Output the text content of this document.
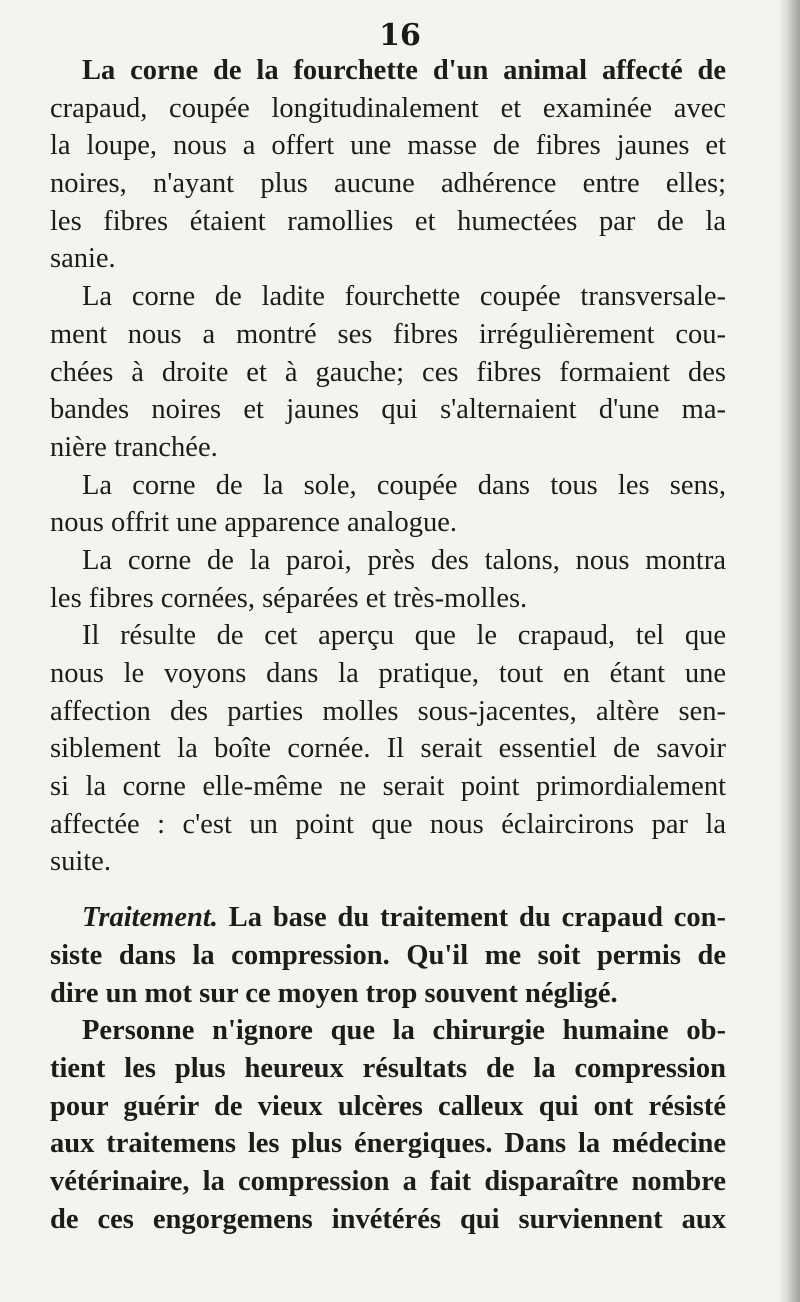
16
La corne de la fourchette d'un animal affecté de
crapaud, coupée longitudinalement et examinée avec
la loupe, nous a offert une masse de fibres jaunes et
noires, n'ayant plus aucune adhérence entre elles;
les fibres étaient ramollies et humectées par de la
sanie.
La corne de ladite fourchette coupée transversale-
ment nous a montré ses fibres irrégulièrement cou-
chées à droite et à gauche; ces fibres formaient des
bandes noires et jaunes qui s'alternaient d'une ma-
nière tranchée.
La corne de la sole, coupée dans tous les sens,
nous offrit une apparence analogue.
La corne de la paroi, près des talons, nous montra
les fibres cornées, séparées et très-molles.
Il résulte de cet aperçu que le crapaud, tel que
nous le voyons dans la pratique, tout en étant une
affection des parties molles sous-jacentes, altère sen-
siblement la boîte cornée. Il serait essentiel de savoir
si la corne elle-même ne serait point primordialement
affectée : c'est un point que nous éclaircirons par la
suite.
Traitement. La base du traitement du crapaud con-
siste dans la compression. Qu'il me soit permis de
dire un mot sur ce moyen trop souvent négligé.
Personne n'ignore que la chirurgie humaine ob-
tient les plus heureux résultats de la compression
pour guérir de vieux ulcères calleux qui ont résisté
aux traitemens les plus énergiques. Dans la médecine
vétérinaire, la compression a fait disparaître nombre
de ces engorgemens invétérés qui surviennent aux
